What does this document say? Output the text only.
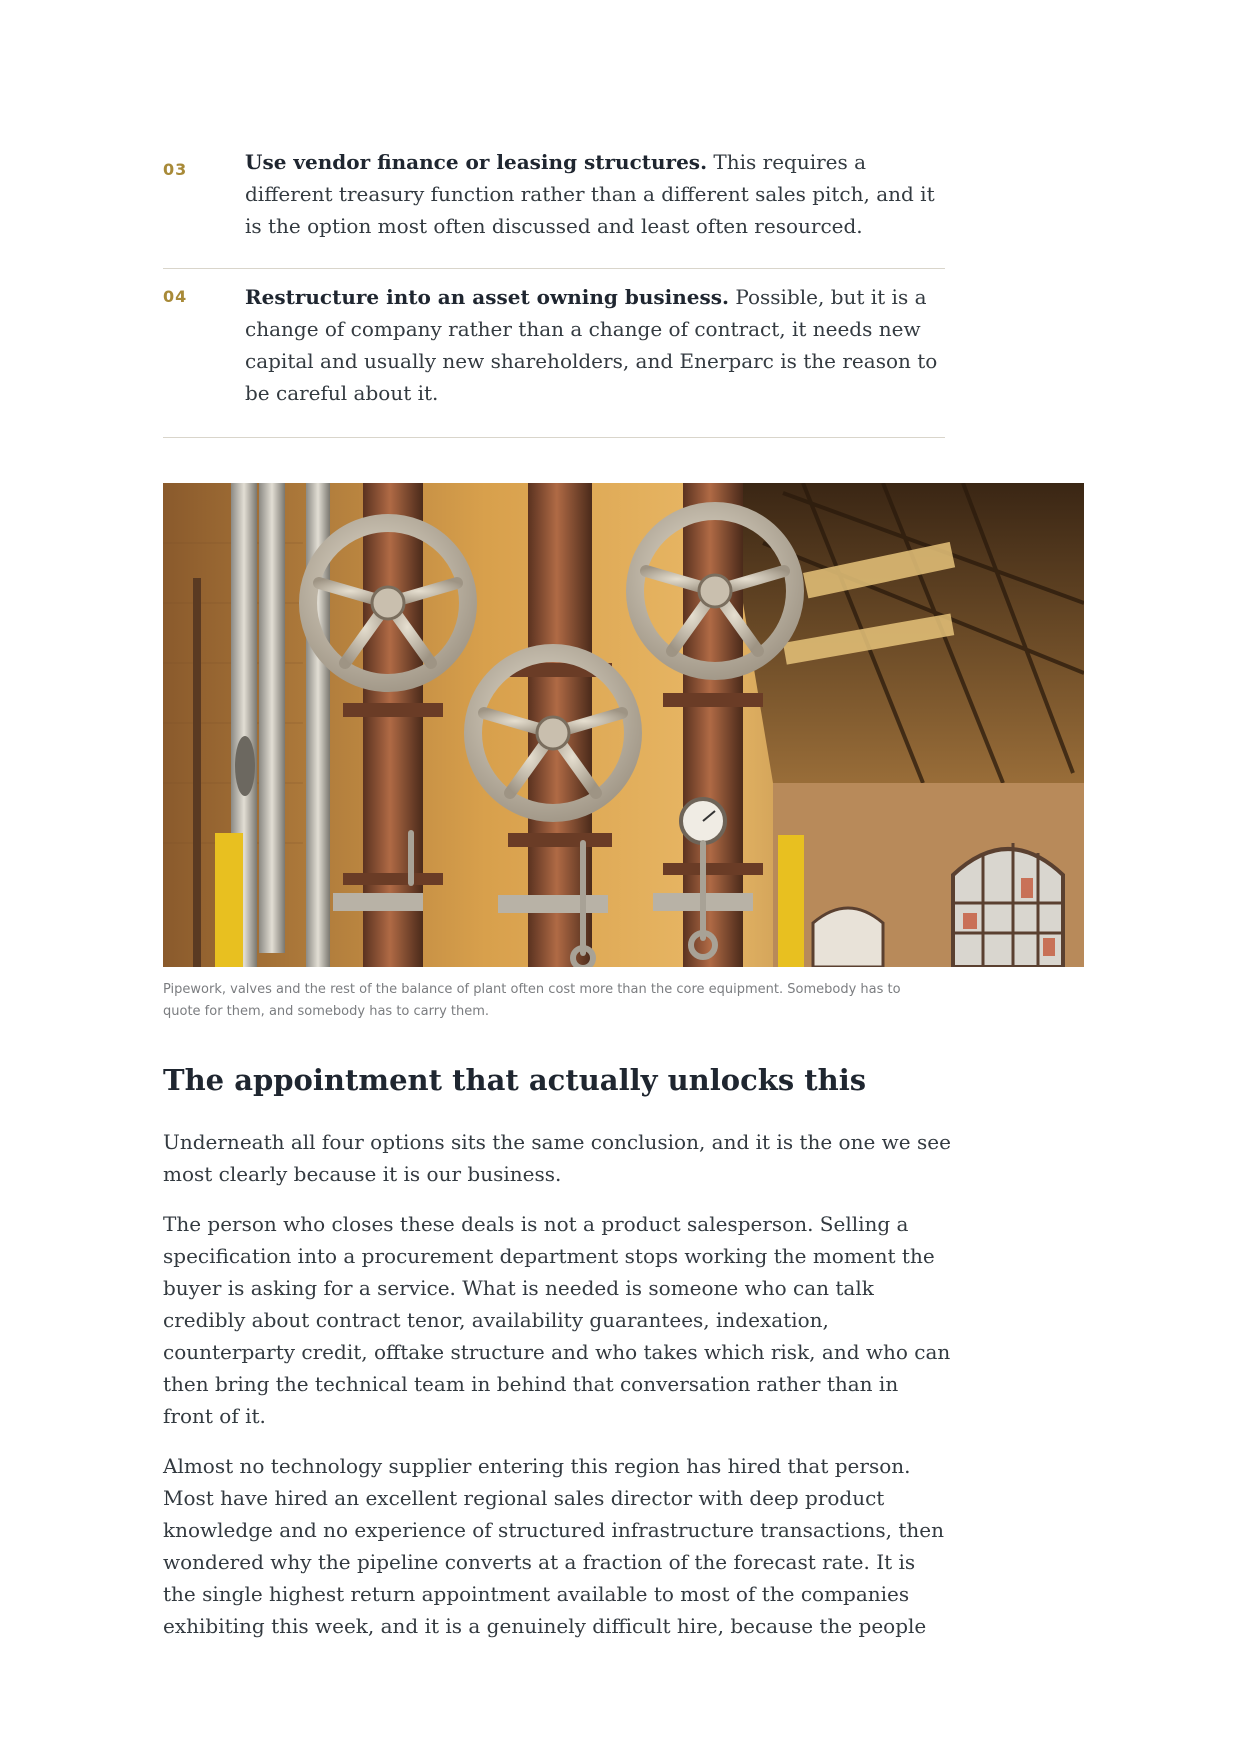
03	Use vendor finance or leasing structures. This requires a different treasury function rather than a different sales pitch, and it is the option most often discussed and least often resourced.
04	Restructure into an asset owning business. Possible, but it is a change of company rather than a change of contract, it needs new capital and usually new shareholders, and Enerparc is the reason to be careful about it.
Pipework, valves and the rest of the balance of plant often cost more than the core equipment. Somebody has to quote for them, and somebody has to carry them.
The appointment that actually unlocks this

Underneath all four options sits the same conclusion, and it is the one we see most clearly because it is our business.

The person who closes these deals is not a product salesperson. Selling a specification into a procurement department stops working the moment the buyer is asking for a service. What is needed is someone who can talk credibly about contract tenor, availability guarantees, indexation, counterparty credit, offtake structure and who takes which risk, and who can then bring the technical team in behind that conversation rather than in front of it.

Almost no technology supplier entering this region has hired that person. Most have hired an excellent regional sales director with deep product knowledge and no experience of structured infrastructure transactions, then wondered why the pipeline converts at a fraction of the forecast rate. It is the single highest return appointment available to most of the companies exhibiting this week, and it is a genuinely difficult hire, because the people
